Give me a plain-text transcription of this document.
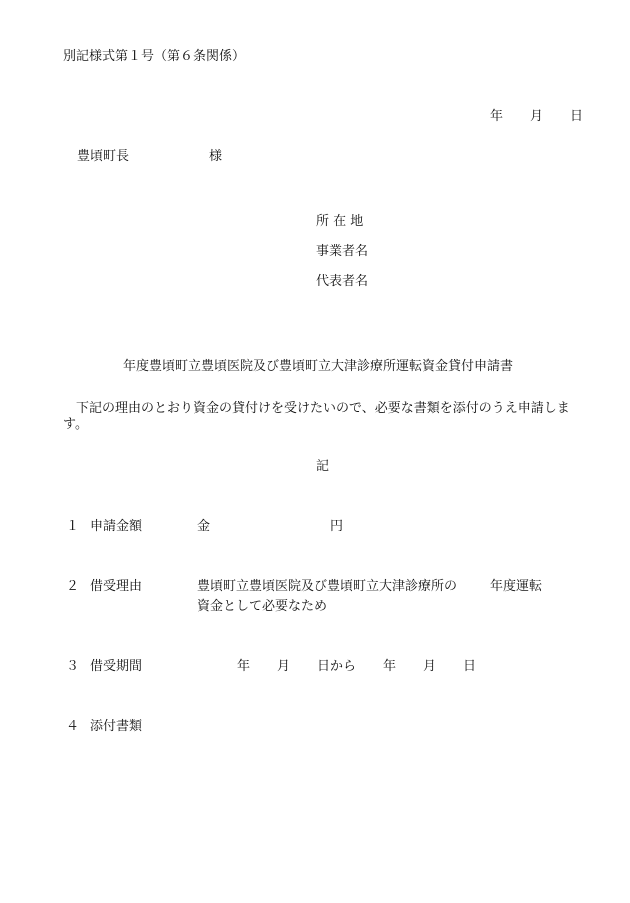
別記様式第１号（第６条関係）
年 月 日
豊頃町長	様
所 在 地
事業者名
代表者名
年度豊頃町立豊頃医院及び豊頃町立大津診療所運転資金貸付申請書
下記の理由のとおり資金の貸付けを受けたいので、必要な書類を添付のうえ申請します。
記
１ 申請金額	金	円
２ 借受理由	豊頃町立豊頃医院及び豊頃町立大津診療所の	年度運転
資金として必要なため
３ 借受期間	年 月 日から 年 月 日
４ 添付書類
